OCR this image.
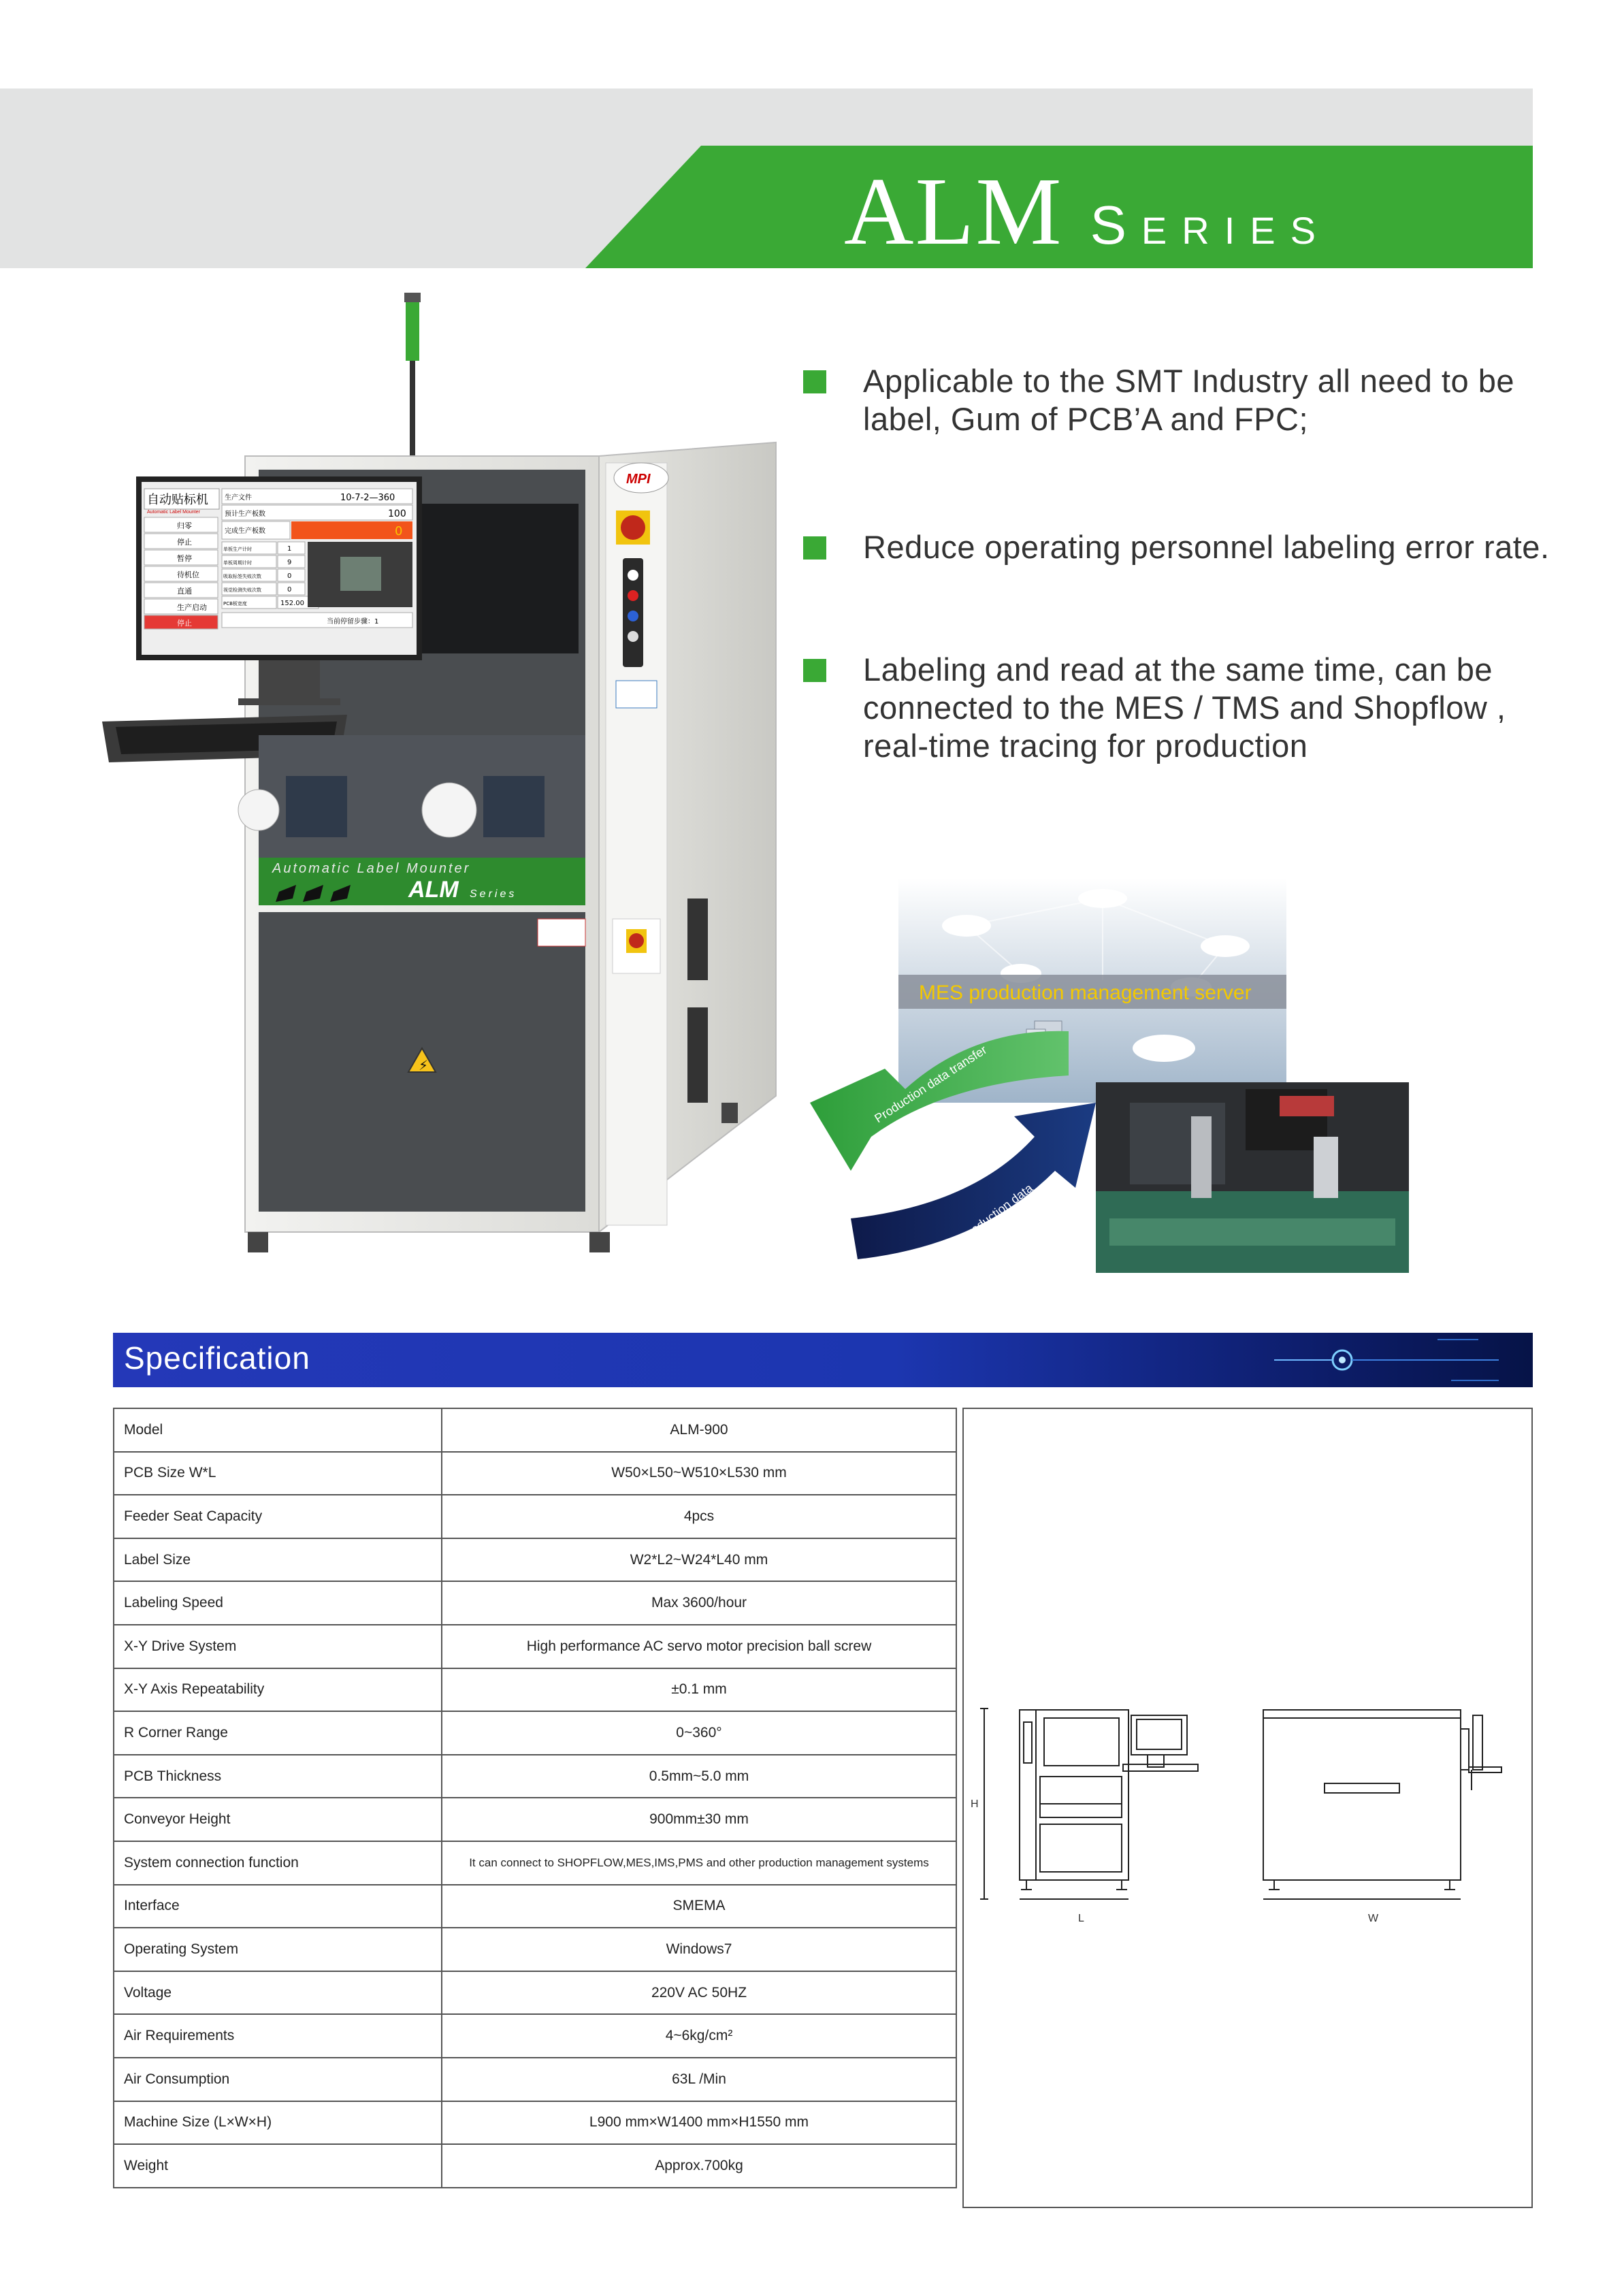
ALM Series
Applicable to the SMT Industry all need to be
label, Gum of PCB’A and FPC;
Reduce operating personnel labeling error rate.
Labeling and read at the same time, can be
connected to the MES / TMS and Shopflow ,
real-time tracing for production
MPI
自动贴标机
Automatic Label Mounter
归零
停止
暂停
待机位
直通
生产启动
停止
生产文件	10-7-2—360
预计生产板数	100
完成生产板数	0
单板生产计时	1
单板周期计时	9
吸取标签失败次数	0
视觉检测失败次数	0
PCB板宽度	152.00
当前停留步骤：1
Automatic Label Mounter
ALM Series
⚡
MES production management server
Production data transfer
Upload production data
Specification
Model	ALM-900
PCB Size W*L	W50×L50~W510×L530 mm
Feeder Seat Capacity	4pcs
Label Size	W2*L2~W24*L40 mm
Labeling Speed	Max 3600/hour
X-Y Drive System	High performance AC servo motor precision ball screw
X-Y Axis Repeatability	±0.1 mm
R Corner Range	0~360°
PCB Thickness	0.5mm~5.0 mm
Conveyor Height	900mm±30 mm
System connection function	It can connect to SHOPFLOW,MES,IMS,PMS and other production management systems
Interface	SMEMA
Operating System	Windows7
Voltage	220V AC 50HZ
Air Requirements	4~6kg/cm²
Air Consumption	63L /Min
Machine Size (L×W×H)	L900 mm×W1400 mm×H1550 mm
Weight	Approx.700kg
H
L	W
